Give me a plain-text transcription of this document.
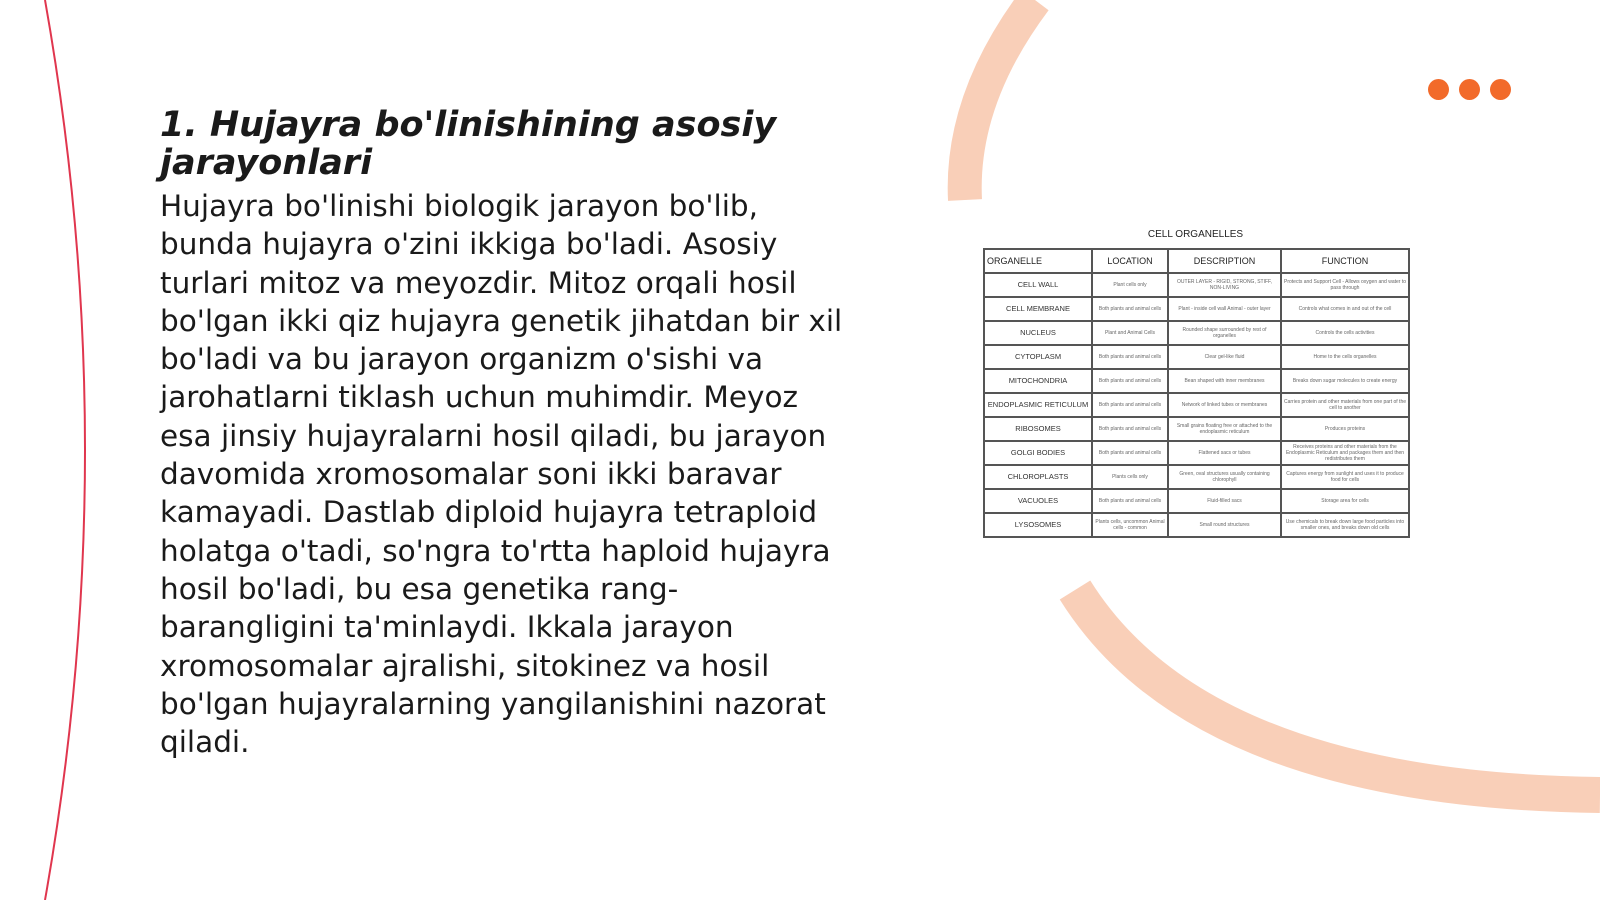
1. Hujayra bo'linishining asosiy jarayonlari

Hujayra bo'linishi biologik jarayon bo'lib, bunda hujayra o'zini ikkiga bo'ladi. Asosiy turlari mitoz va meyozdir. Mitoz orqali hosil bo'lgan ikki qiz hujayra genetik jihatdan bir xil bo'ladi va bu jarayon organizm o'sishi va jarohatlarni tiklash uchun muhimdir. Meyoz esa jinsiy hujayralarni hosil qiladi, bu jarayon davomida xromosomalar soni ikki baravar kamayadi. Dastlab diploid hujayra tetraploid holatga o'tadi, so'ngra to'rtta haploid hujayra hosil bo'ladi, bu esa genetika rang-barangligini ta'minlaydi. Ikkala jarayon xromosomalar ajralishi, sitokinez va hosil bo'lgan hujayralarning yangilanishini nazorat qiladi.

CELL ORGANELLES
ORGANELLE	LOCATION	DESCRIPTION	FUNCTION
CELL WALL	Plant cells only	OUTER LAYER - RIGID, STRONG, STIFF, NON-LIVING	Protects and Support Cell - Allows oxygen and water to pass through
CELL MEMBRANE	Both plants and animal cells	Plant - inside cell wall Animal - outer layer	Controls what comes in and out of the cell
NUCLEUS	Plant and Animal Cells	Rounded shape surrounded by rest of organelles	Controls the cells activities
CYTOPLASM	Both plants and animal cells	Clear gel-like fluid	Home to the cells organelles
MITOCHONDRIA	Both plants and animal cells	Bean shaped with inner membranes	Breaks down sugar molecules to create energy
ENDOPLASMIC RETICULUM	Both plants and animal cells	Network of linked tubes or membranes	Carries protein and other materials from one part of the cell to another
RIBOSOMES	Both plants and animal cells	Small grains floating free or attached to the endoplasmic reticulum	Produces proteins
GOLGI BODIES	Both plants and animal cells	Flattened sacs or tubes	Receives proteins and other materials from the Endoplasmic Reticulum and packages them and then redistributes them
CHLOROPLASTS	Plants cells only	Green, oval structures usually containing chlorophyll	Captures energy from sunlight and uses it to produce food for cells
VACUOLES	Both plants and animal cells	Fluid-filled sacs	Storage area for cells
LYSOSOMES	Plants cells, uncommon Animal cells - common	Small round structures	Use chemicals to break down large food particles into smaller ones, and breaks down old cells
